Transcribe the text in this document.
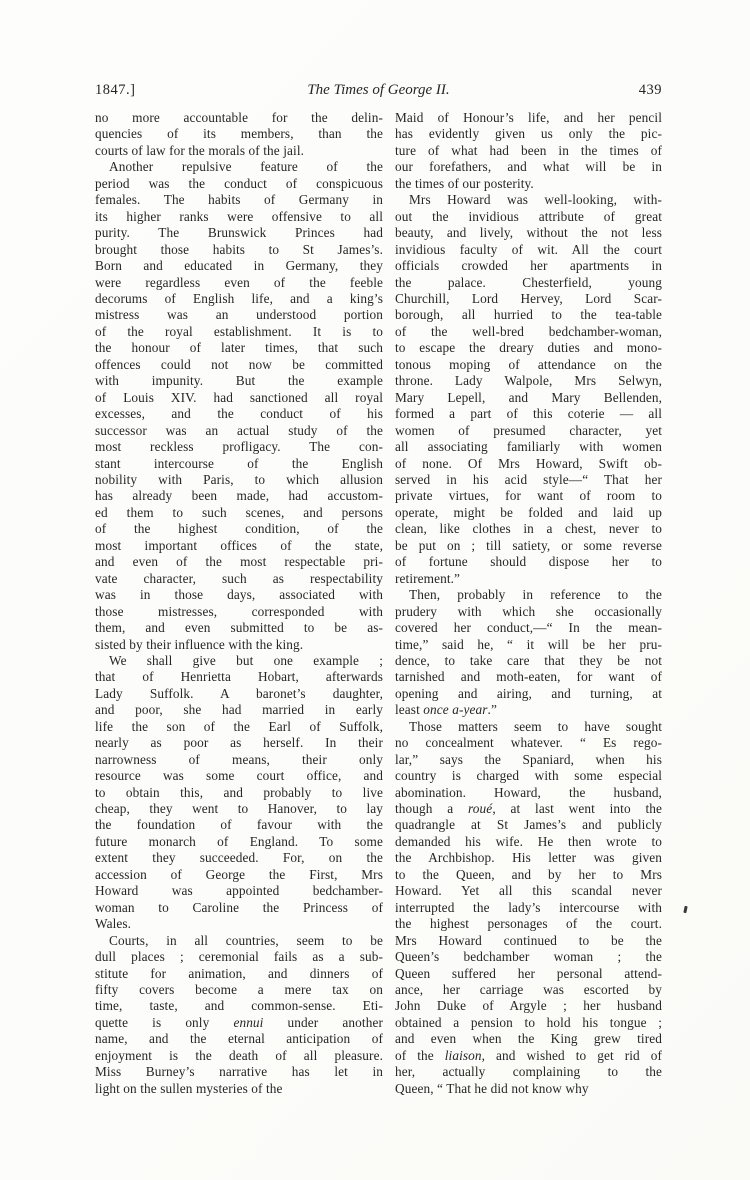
1847.]	The Times of George II.	439
no more accountable for the delin-
quencies of its members, than the
courts of law for the morals of the jail.
Another repulsive feature of the
period was the conduct of conspicuous
females. The habits of Germany in
its higher ranks were offensive to all
purity. The Brunswick Princes had
brought those habits to St James’s.
Born and educated in Germany, they
were regardless even of the feeble
decorums of English life, and a king’s
mistress was an understood portion
of the royal establishment. It is to
the honour of later times, that such
offences could not now be committed
with impunity. But the example
of Louis XIV. had sanctioned all royal
excesses, and the conduct of his
successor was an actual study of the
most reckless profligacy. The con-
stant intercourse of the English
nobility with Paris, to which allusion
has already been made, had accustom-
ed them to such scenes, and persons
of the highest condition, of the
most important offices of the state,
and even of the most respectable pri-
vate character, such as respectability
was in those days, associated with
those mistresses, corresponded with
them, and even submitted to be as-
sisted by their influence with the king.
We shall give but one example ;
that of Henrietta Hobart, afterwards
Lady Suffolk. A baronet’s daughter,
and poor, she had married in early
life the son of the Earl of Suffolk,
nearly as poor as herself. In their
narrowness of means, their only
resource was some court office, and
to obtain this, and probably to live
cheap, they went to Hanover, to lay
the foundation of favour with the
future monarch of England. To some
extent they succeeded. For, on the
accession of George the First, Mrs
Howard was appointed bedchamber-
woman to Caroline the Princess of
Wales.
Courts, in all countries, seem to be
dull places ; ceremonial fails as a sub-
stitute for animation, and dinners of
fifty covers become a mere tax on
time, taste, and common-sense. Eti-
quette is only ennui under another
name, and the eternal anticipation of
enjoyment is the death of all pleasure.
Miss Burney’s narrative has let in
light on the sullen mysteries of the
Maid of Honour’s life, and her pencil
has evidently given us only the pic-
ture of what had been in the times of
our forefathers, and what will be in
the times of our posterity.
Mrs Howard was well-looking, with-
out the invidious attribute of great
beauty, and lively, without the not less
invidious faculty of wit. All the court
officials crowded her apartments in
the palace. Chesterfield, young
Churchill, Lord Hervey, Lord Scar-
borough, all hurried to the tea-table
of the well-bred bedchamber-woman,
to escape the dreary duties and mono-
tonous moping of attendance on the
throne. Lady Walpole, Mrs Selwyn,
Mary Lepell, and Mary Bellenden,
formed a part of this coterie — all
women of presumed character, yet
all associating familiarly with women
of none. Of Mrs Howard, Swift ob-
served in his acid style—“ That her
private virtues, for want of room to
operate, might be folded and laid up
clean, like clothes in a chest, never to
be put on ; till satiety, or some reverse
of fortune should dispose her to
retirement.”
Then, probably in reference to the
prudery with which she occasionally
covered her conduct,—“ In the mean-
time,” said he, “ it will be her pru-
dence, to take care that they be not
tarnished and moth-eaten, for want of
opening and airing, and turning, at
least once a-year.”
Those matters seem to have sought
no concealment whatever. “ Es rego-
lar,” says the Spaniard, when his
country is charged with some especial
abomination. Howard, the husband,
though a roué, at last went into the
quadrangle at St James’s and publicly
demanded his wife. He then wrote to
the Archbishop. His letter was given
to the Queen, and by her to Mrs
Howard. Yet all this scandal never
interrupted the lady’s intercourse with
the highest personages of the court.
Mrs Howard continued to be the
Queen’s bedchamber woman ; the
Queen suffered her personal attend-
ance, her carriage was escorted by
John Duke of Argyle ; her husband
obtained a pension to hold his tongue ;
and even when the King grew tired
of the liaison, and wished to get rid of
her, actually complaining to the
Queen, “ That he did not know why
